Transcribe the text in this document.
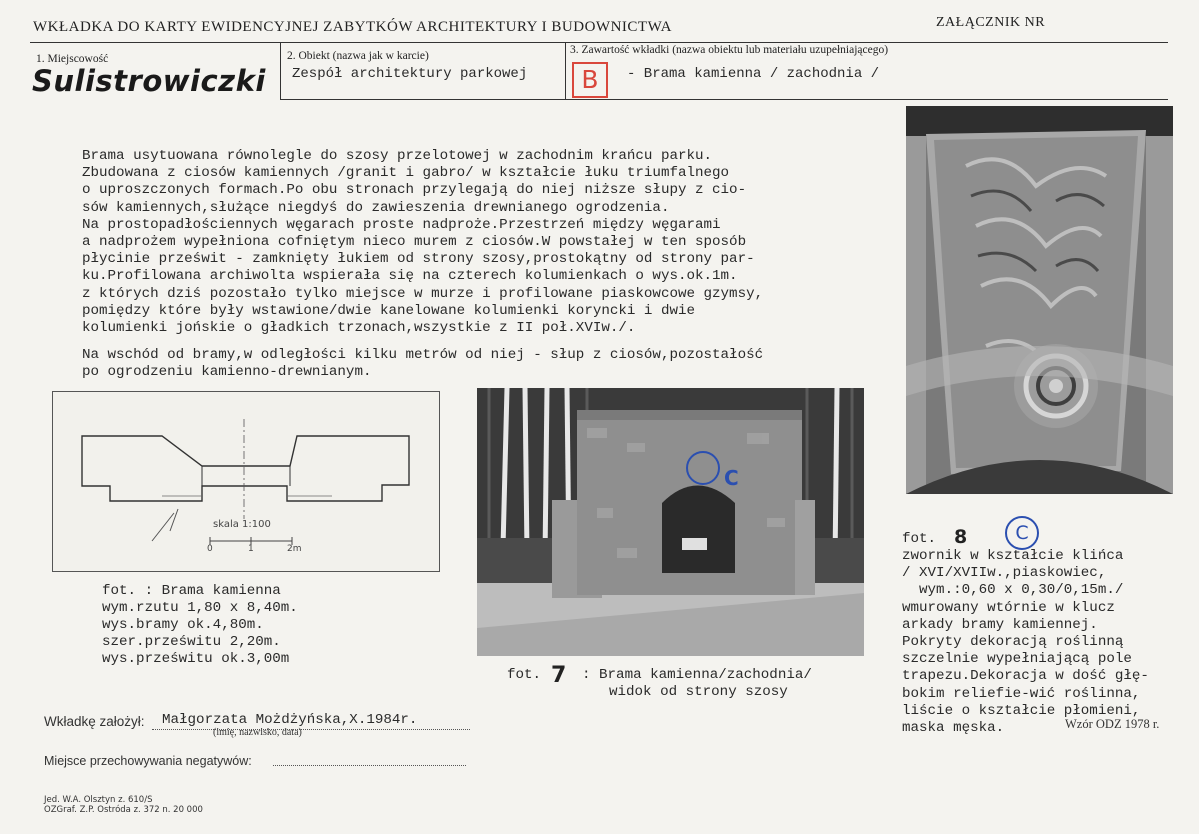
WKŁADKA DO KARTY EWIDENCYJNEJ ZABYTKÓW ARCHITEKTURY I BUDOWNICTWA	ZAŁĄCZNIK NR
1. Miejscowość
Sulistrowiczki
2. Obiekt (nazwa jak w karcie)
Zespół architektury parkowej
3. Zawartość wkładki (nazwa obiektu lub materiału uzupełniającego)
B	- Brama kamienna / zachodnia /

Brama usytuowana równolegle do szosy przelotowej w zachodnim krańcu parku.

Zbudowana z ciosów kamiennych /granit i gabro/ w kształcie łuku triumfalnego

o uproszczonych formach.Po obu stronach przylegają do niej niższe słupy z cio-

sów kamiennych,służące niegdyś do zawieszenia drewnianego ogrodzenia.

Na prostopadłościennych węgarach proste nadproże.Przestrzeń między węgarami

a nadprożem wypełniona cofniętym nieco murem z ciosów.W powstałej w ten sposób

płycinie prześwit - zamknięty łukiem od strony szosy,prostokątny od strony par-

ku.Profilowana archiwolta wspierała się na czterech kolumienkach o wys.ok.1m.

z których dziś pozostało tylko miejsce w murze i profilowane piaskowcowe gzymsy,

pomiędzy które były wstawione/dwie kanelowane kolumienki koryncki i dwie

kolumienki jońskie o gładkich trzonach,wszystkie z II poł.XVIw./.

Na wschód od bramy,w odległości kilku metrów od niej - słup z ciosów,pozostałość

po ogrodzeniu kamienno-drewnianym.

skala 1:100
0	1	2m

fot. : Brama kamienna

wym.rzutu 1,80 x 8,40m.

wys.bramy ok.4,80m.

szer.prześwitu 2,20m.

wys.prześwitu ok.3,00m

C
fot. 7 : Brama kamienna/zachodnia/

widok od strony szosy

fot. 8	C

zwornik w kształcie klińca

/ XVI/XVIIw.,piaskowiec,

wym.:0,60 x 0,30/0,15m./

wmurowany wtórnie w klucz

arkady bramy kamiennej.

Pokryty dekoracją roślinną

szczelnie wypełniającą pole

trapezu.Dekoracja w dość głę-

bokim reliefie-wić roślinna,

liście o kształcie płomieni,

maska męska.	Wzór ODZ 1978 r.
Wkładkę założył: Małgorzata Możdżyńska,X.1984r.
(imię, nazwisko, data)
Miejsce przechowywania negatywów:
Jed. W.A. Olsztyn z. 610/S
OZGraf. Z.P. Ostróda z. 372 n. 20 000
